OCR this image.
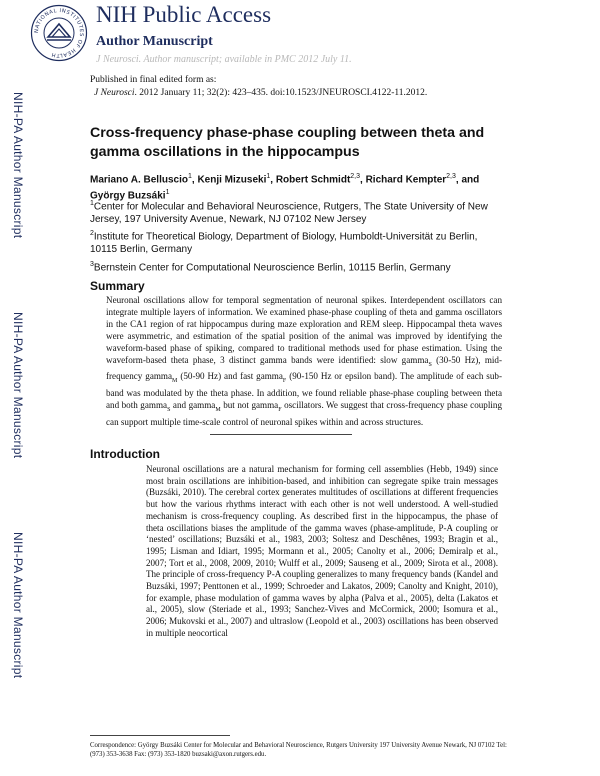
NATIONAL INSTITUTES OF HEALTH
NIH Public Access
Author Manuscript
J Neurosci. Author manuscript; available in PMC 2012 July 11.
NIH-PA Author Manuscript
NIH-PA Author Manuscript
NIH-PA Author Manuscript
Published in final edited form as:
J Neurosci. 2012 January 11; 32(2): 423–435. doi:10.1523/JNEUROSCI.4122-11.2012.
Cross-frequency phase-phase coupling between theta and gamma oscillations in the hippocampus
Mariano A. Belluscio$^1$, Kenji Mizuseki$^1$, Robert Schmidt$^{2,3}$, Richard Kempter$^{2,3}$, and György Buzsáki$^1$
$^1$Center for Molecular and Behavioral Neuroscience, Rutgers, The State University of New Jersey, 197 University Avenue, Newark, NJ 07102 New Jersey
$^2$Institute for Theoretical Biology, Department of Biology, Humboldt-Universität zu Berlin, 10115 Berlin, Germany
$^3$Bernstein Center for Computational Neuroscience Berlin, 10115 Berlin, Germany
Summary
Neuronal oscillations allow for temporal segmentation of neuronal spikes. Interdependent oscillators can integrate multiple layers of information. We examined phase-phase coupling of theta and gamma oscillators in the CA1 region of rat hippocampus during maze exploration and REM sleep. Hippocampal theta waves were asymmetric, and estimation of the spatial position of the animal was improved by identifying the waveform-based phase of spiking, compared to traditional methods used for phase estimation. Using the waveform-based theta phase, 3 distinct gamma bands were identified: slow gamma$_S$ (30-50 Hz), mid-frequency gamma$_M$ (50-90 Hz) and fast gamma$_F$ (90-150 Hz or epsilon band). The amplitude of each sub-band was modulated by the theta phase. In addition, we found reliable phase-phase coupling between theta and both gamma$_S$ and gamma$_M$ but not gamma$_F$ oscillators. We suggest that cross-frequency phase coupling can support multiple time-scale control of neuronal spikes within and across structures.
Introduction
Neuronal oscillations are a natural mechanism for forming cell assemblies (Hebb, 1949) since most brain oscillations are inhibition-based, and inhibition can segregate spike train messages (Buzsáki, 2010). The cerebral cortex generates multitudes of oscillations at different frequencies but how the various rhythms interact with each other is not well understood. A well-studied mechanism is cross-frequency coupling. As described first in the hippocampus, the phase of theta oscillations biases the amplitude of the gamma waves (phase-amplitude, P-A coupling or ‘nested’ oscillations; Buzsáki et al., 1983, 2003; Soltesz and Deschênes, 1993; Bragin et al., 1995; Lisman and Idiart, 1995; Mormann et al., 2005; Canolty et al., 2006; Demiralp et al., 2007; Tort et al., 2008, 2009, 2010; Wulff et al., 2009; Sauseng et al., 2009; Sirota et al., 2008). The principle of cross-frequency P-A coupling generalizes to many frequency bands (Kandel and Buzsáki, 1997; Penttonen et al., 1999; Schroeder and Lakatos, 2009; Canolty and Knight, 2010), for example, phase modulation of gamma waves by alpha (Palva et al., 2005), delta (Lakatos et al., 2005), slow (Steriade et al., 1993; Sanchez-Vives and McCormick, 2000; Isomura et al., 2006; Mukovski et al., 2007) and ultraslow (Leopold et al., 2003) oscillations has been observed in multiple neocortical
Correspondence: György Buzsáki Center for Molecular and Behavioral Neuroscience, Rutgers University 197 University Avenue Newark, NJ 07102 Tel: (973) 353-3638 Fax: (973) 353-1820 buzsaki@axon.rutgers.edu.
